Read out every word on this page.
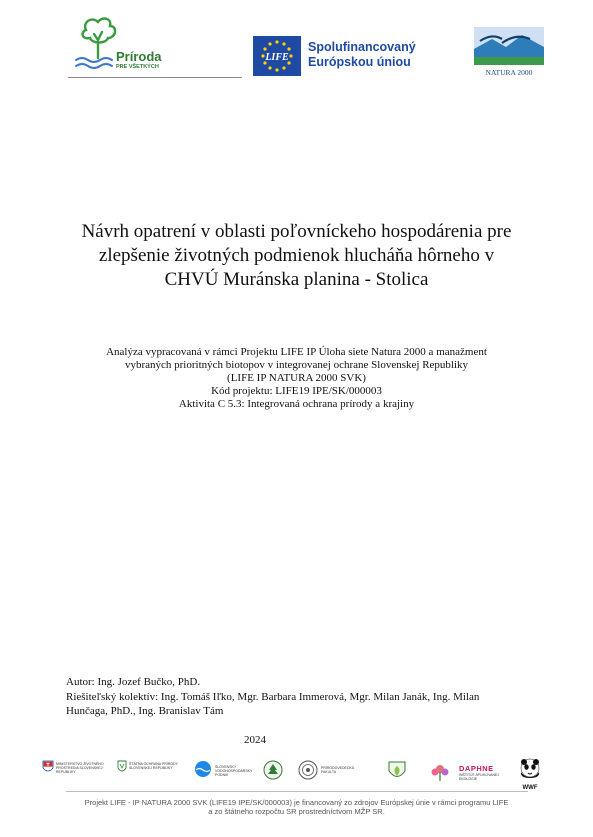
Príroda
PRE VŠETKÝCH
LIFE
Spolufinancovaný
Európskou úniou
NATURA 2000
Návrh opatrení v oblasti poľovníckeho hospodárenia pre
zlepšenie životných podmienok hlucháňa hôrneho v
CHVÚ Muránska planina - Stolica
Analýza vypracovaná v rámci Projektu LIFE IP Úloha siete Natura 2000 a manažment
vybraných prioritných biotopov v integrovanej ochrane Slovenskej Republiky
(LIFE IP NATURA 2000 SVK)
Kód projektu: LIFE19 IPE/SK/000003
Aktivita C 5.3: Integrovaná ochrana prírody a krajiny
Autor: Ing. Jozef Bučko, PhD.
Riešiteľský kolektív: Ing. Tomáš Iľko, Mgr. Barbara Immerová, Mgr. Milan Janák, Ing. Milan
Hunčaga, PhD., Ing. Branislav Tám
2024
MINISTERSTVO ŽIVOTNÉHO PROSTREDIA SLOVENSKEJ REPUBLIKY
ŠTÁTNA OCHRANA PRÍRODY SLOVENSKEJ REPUBLIKY	SLOVENSKÝ VODOHOSPODÁRSKY PODNIK
PRÍRODOVEDECKÁ FAKULTA	DAPHNE
INŠTITÚT APLIKOVANEJ EKOLÓGIE
WWF
Projekt LIFE - IP NATURA 2000 SVK (LIFE19 IPE/SK/000003) je financovaný zo zdrojov Európskej únie v rámci programu LIFE
a zo štátneho rozpočtu SR prostredníctvom MŽP SR.
